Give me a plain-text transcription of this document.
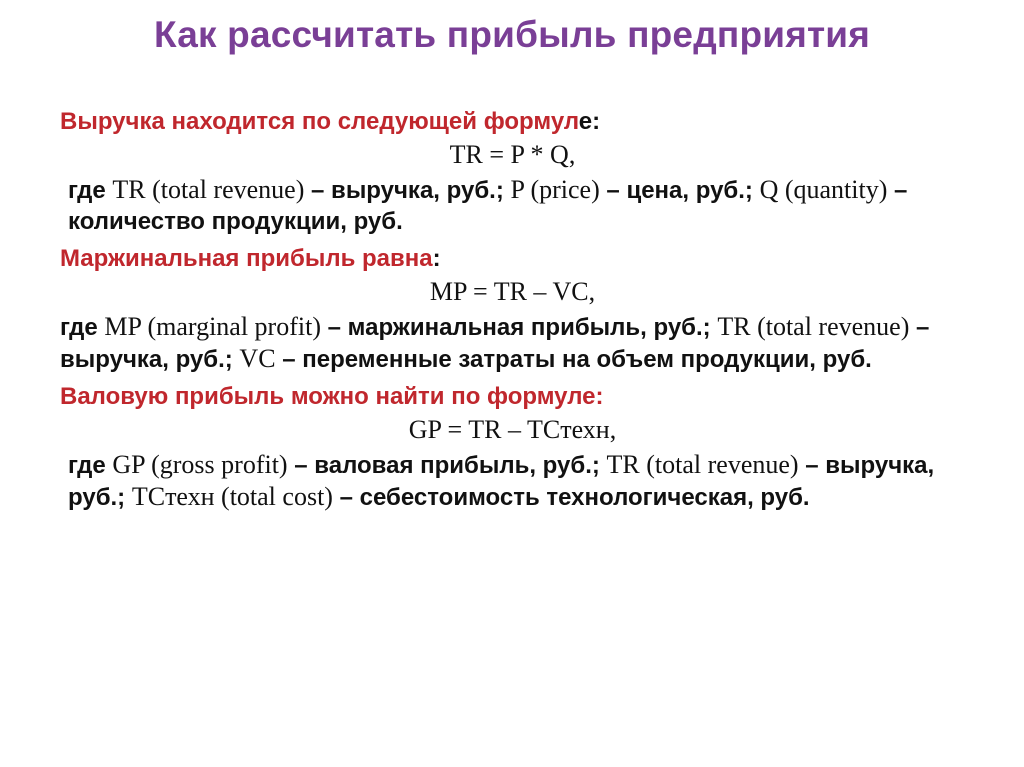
Как рассчитать прибыль предприятия
Выручка находится по следующей формуле:
TR = P * Q,
где TR (total revenue) – выручка, руб.; P (price) – цена, руб.; Q (quantity) – количество продукции, руб.
Маржинальная прибыль равна:
MP = TR – VC,
где MP (marginal profit) – маржинальная прибыль, руб.; TR (total revenue) – выручка, руб.; VC – переменные затраты на объем продукции, руб.
Валовую прибыль можно найти по формуле:
GP = TR – TCтехн,
где GP (gross profit) – валовая прибыль, руб.; TR (total revenue) – выручка, руб.; TCтехн (total cost) – себестоимость технологическая, руб.
